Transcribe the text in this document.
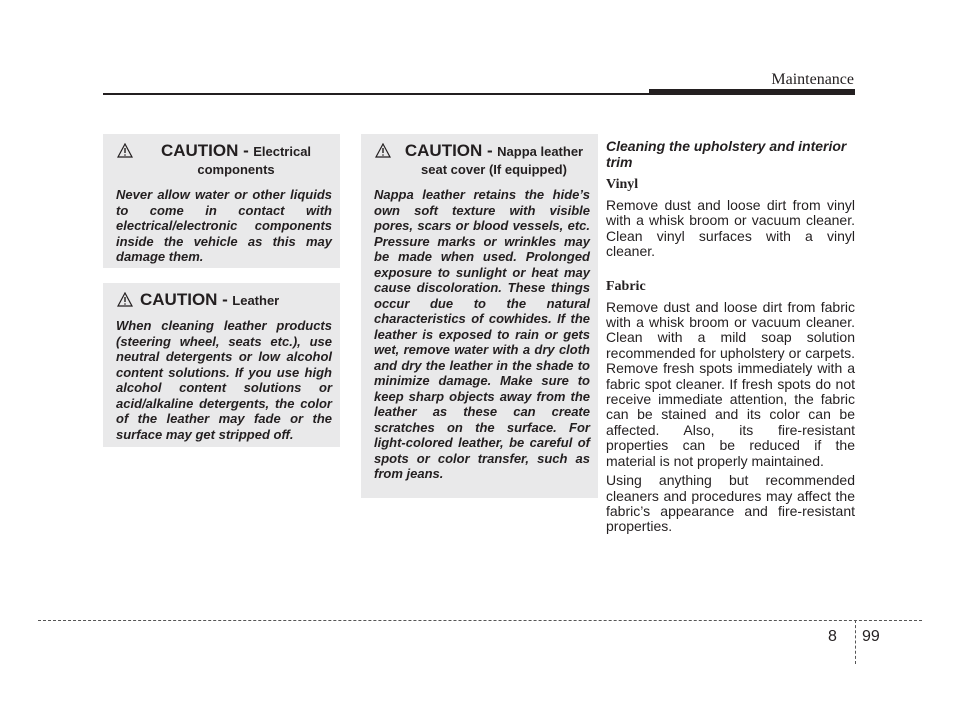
Maintenance
CAUTION - Electrical
components
Never allow water or other liquids to come in contact with electrical/electronic components inside the vehicle as this may damage them.
CAUTION - Leather
When cleaning leather products (steering wheel, seats etc.), use neutral detergents or low alcohol content solutions. If you use high alcohol content solutions or acid/alkaline detergents, the color of the leather may fade or the surface may get stripped off.
CAUTION - Nappa leather
seat cover (If equipped)
Nappa leather retains the hide’s own soft texture with visible pores, scars or blood vessels, etc. Pressure marks or wrinkles may be made when used. Prolonged exposure to sunlight or heat may cause discoloration. These things occur due to the natural characteristics of cowhides. If the leather is exposed to rain or gets wet, remove water with a dry cloth and dry the leather in the shade to minimize damage. Make sure to keep sharp objects away from the leather as these can create scratches on the surface. For light-colored leather, be careful of spots or color transfer, such as from jeans.
Cleaning the upholstery and interior trim
Vinyl
Remove dust and loose dirt from vinyl with a whisk broom or vacuum cleaner. Clean vinyl surfaces with a vinyl cleaner.
Fabric
Remove dust and loose dirt from fabric with a whisk broom or vacuum cleaner. Clean with a mild soap solution recommended for upholstery or carpets. Remove fresh spots immediately with a fabric spot cleaner. If fresh spots do not receive immediate attention, the fabric can be stained and its color can be affected. Also, its fire-resistant properties can be reduced if the material is not properly maintained.
Using anything but recommended cleaners and procedures may affect the fabric’s appearance and fire-resistant properties.
8 99
